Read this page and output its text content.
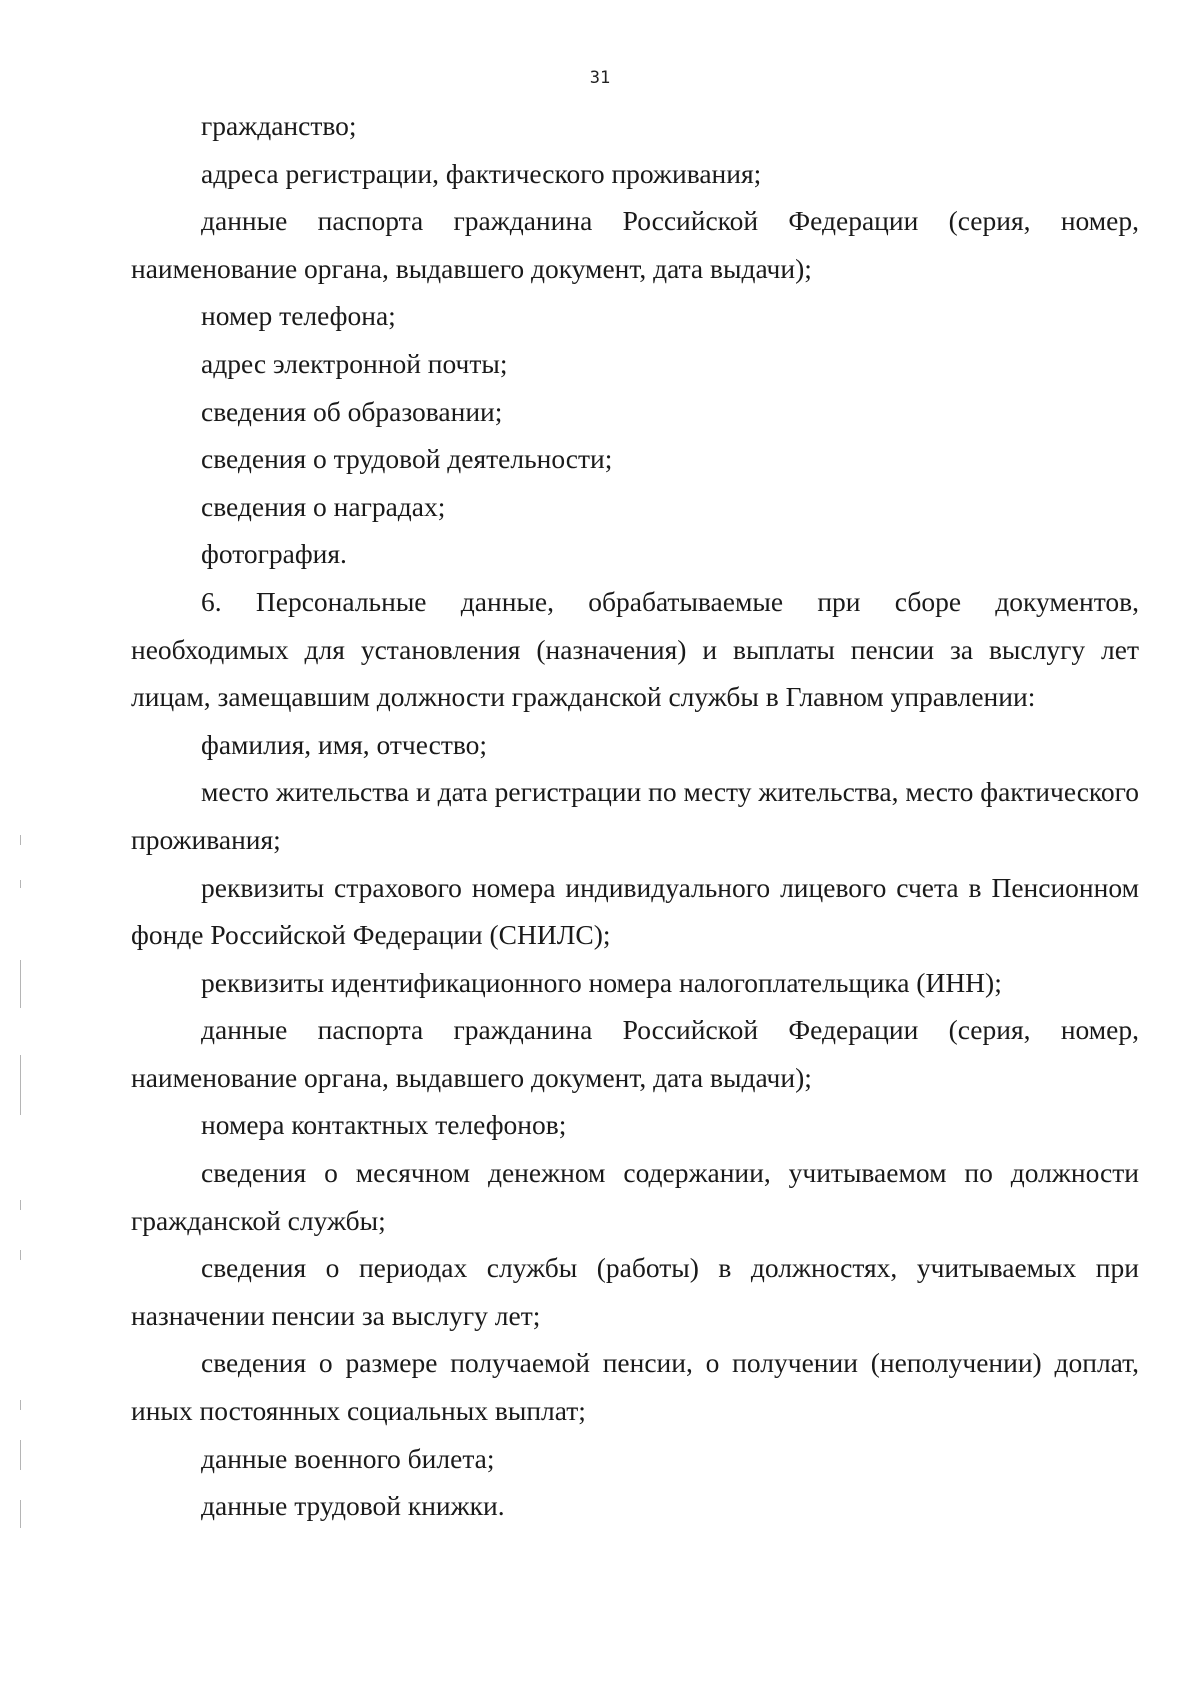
31

гражданство;

адреса регистрации, фактического проживания;

данные паспорта гражданина Российской Федерации (серия, номер, наименование органа, выдавшего документ, дата выдачи);

номер телефона;

адрес электронной почты;

сведения об образовании;

сведения о трудовой деятельности;

сведения о наградах;

фотография.

6. Персональные данные, обрабатываемые при сборе документов, необходимых для установления (назначения) и выплаты пенсии за выслугу лет лицам, замещавшим должности гражданской службы в Главном управлении:

фамилия, имя, отчество;

место жительства и дата регистрации по месту жительства, место фактического проживания;

реквизиты страхового номера индивидуального лицевого счета в Пенсионном фонде Российской Федерации (СНИЛС);

реквизиты идентификационного номера налогоплательщика (ИНН);

данные паспорта гражданина Российской Федерации (серия, номер, наименование органа, выдавшего документ, дата выдачи);

номера контактных телефонов;

сведения о месячном денежном содержании, учитываемом по должности гражданской службы;

сведения о периодах службы (работы) в должностях, учитываемых при назначении пенсии за выслугу лет;

сведения о размере получаемой пенсии, о получении (неполучении) доплат, иных постоянных социальных выплат;

данные военного билета;

данные трудовой книжки.
